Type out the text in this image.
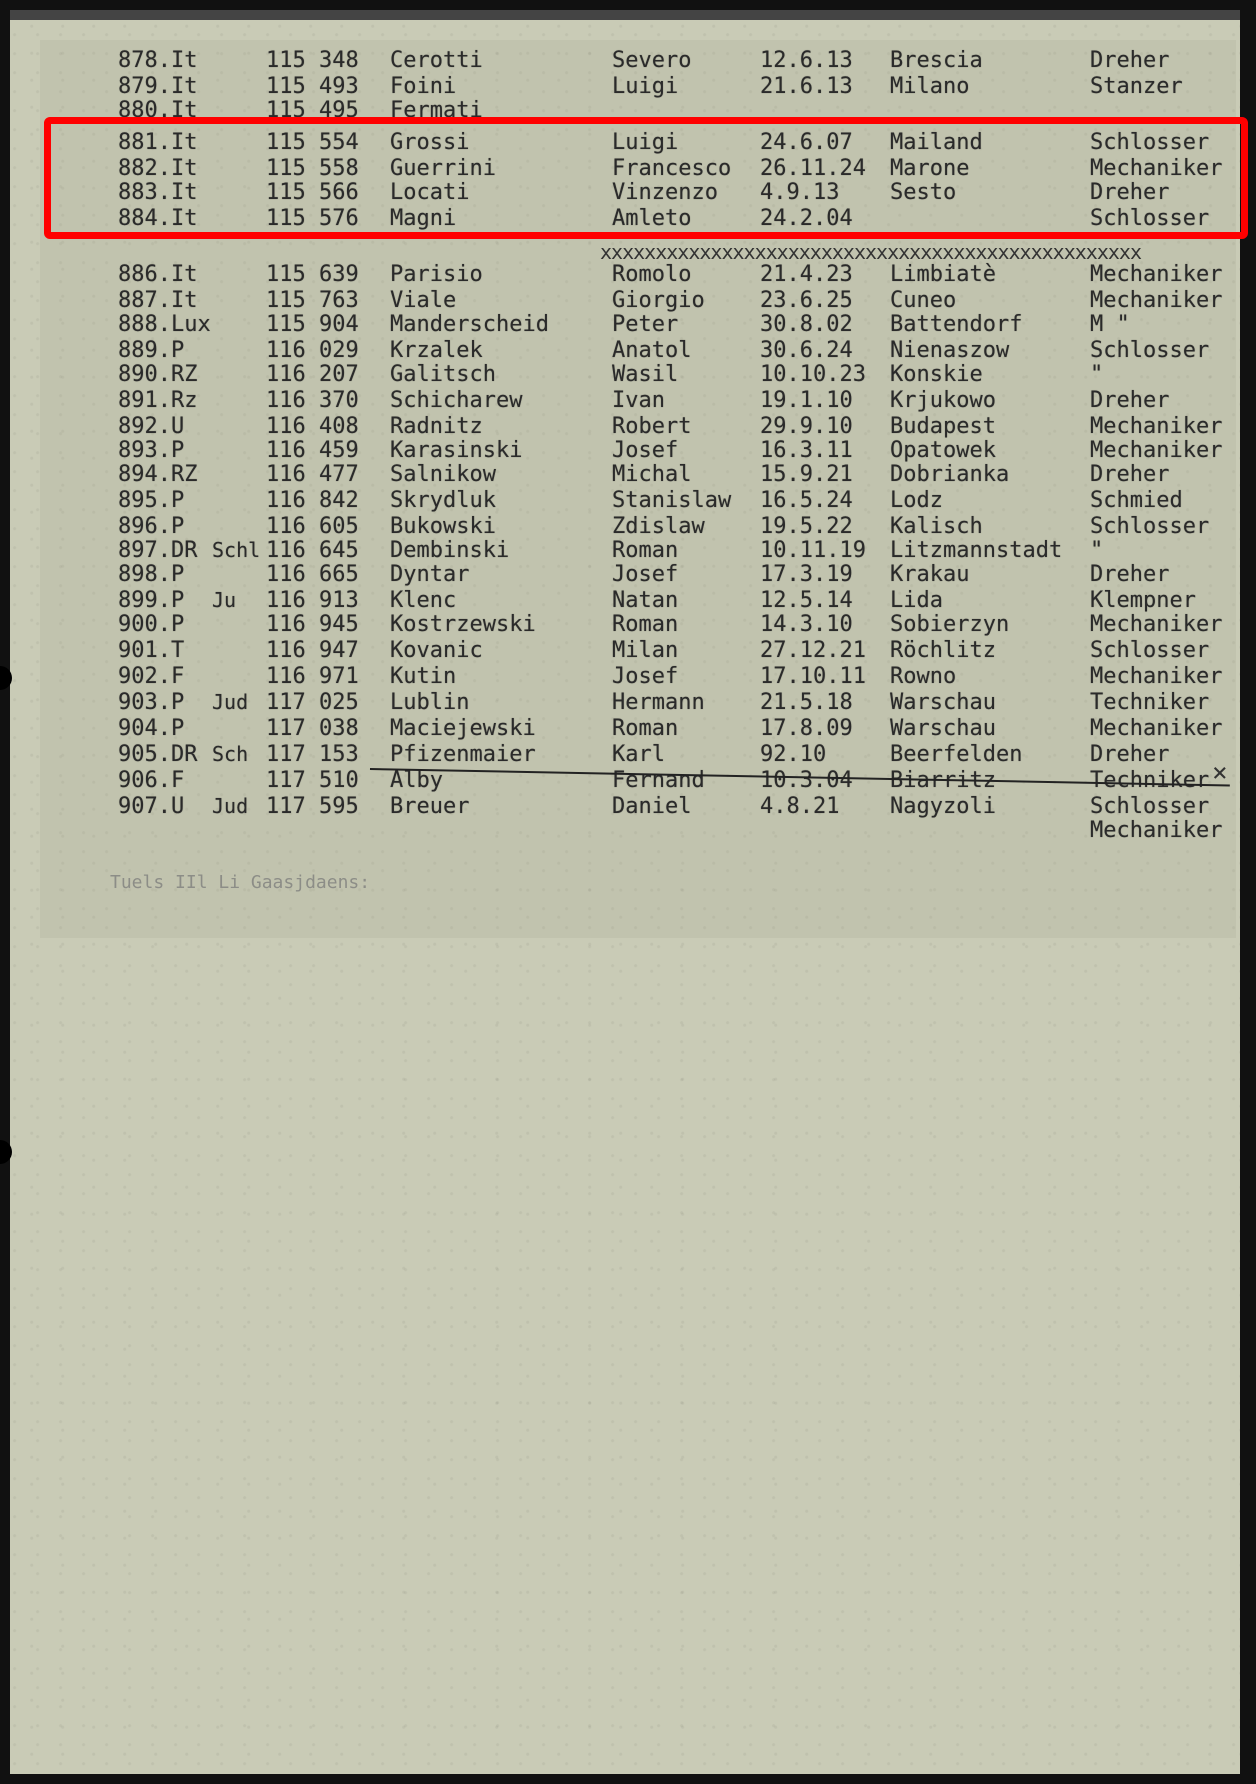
878.It	115 348 Cerotti	Severo	12.6.13 Brescia	Dreher
879.It	115 493 Foini	Luigi	21.6.13 Milano	Stanzer
880.It	115 495 Fermati
881.It	115 554 Grossi	Luigi	24.6.07 Mailand	Schlosser
882.It	115 558 Guerrini	Francesco 26.11.24 Marone	Mechaniker
883.It	115 566 Locati	Vinzenzo 4.9.13 Sesto	Dreher
884.It	115 576 Magni	Amleto	24.2.04	Schlosser
886.It	115 639 Parisio	Romolo	21.4.23 Limbiatè	Mechaniker
887.It	115 763 Viale	Giorgio	23.6.25 Cuneo	Mechaniker
888.Lux	115 904 Manderscheid	Peter	30.8.02 Battendorf	M "
889.P	116 029 Krzalek	Anatol	30.6.24 Nienaszow	Schlosser
890.RZ	116 207 Galitsch	Wasil	10.10.23 Konskie	"
891.Rz	116 370 Schicharew	Ivan	19.1.10 Krjukowo	Dreher
892.U	116 408 Radnitz	Robert	29.9.10 Budapest	Mechaniker
893.P	116 459 Karasinski	Josef	16.3.11 Opatowek	Mechaniker
894.RZ	116 477 Salnikow	Michal	15.9.21 Dobrianka	Dreher
895.P	116 842 Skrydluk	Stanislaw 16.5.24 Lodz	Schmied
896.P	116 605 Bukowski	Zdislaw	19.5.22 Kalisch	Schlosser
897.DR Schl 116 645 Dembinski	Roman	10.11.19 Litzmannstadt "
898.P	116 665 Dyntar	Josef	17.3.19 Krakau	Dreher
899.P Ju 116 913 Klenc	Natan	12.5.14 Lida	Klempner
900.P	116 945 Kostrzewski	Roman	14.3.10 Sobierzyn	Mechaniker
901.T	116 947 Kovanic	Milan	27.12.21 Röchlitz	Schlosser
902.F	116 971 Kutin	Josef	17.10.11 Rowno	Mechaniker
903.P Jud 117 025 Lublin	Hermann	21.5.18 Warschau	Techniker
904.P	117 038 Maciejewski	Roman	17.8.09 Warschau	Mechaniker
905.DR Sch 117 153 Pfizenmaier	Karl	92.10	Beerfelden	Dreher
906.F	117 510 Alby	Fernand	10.3.04 Biarritz	Techniker
907.U Jud 117 595 Breuer	Daniel	4.8.21 Nagyzoli	Schlosser
Mechaniker
xxxxxxxxxxxxxxxxxxxxxxxxxxxxxxxxxxxxxxxxxxxxxxxxx
×
Tuels IIl Li Gaasjdaens:
